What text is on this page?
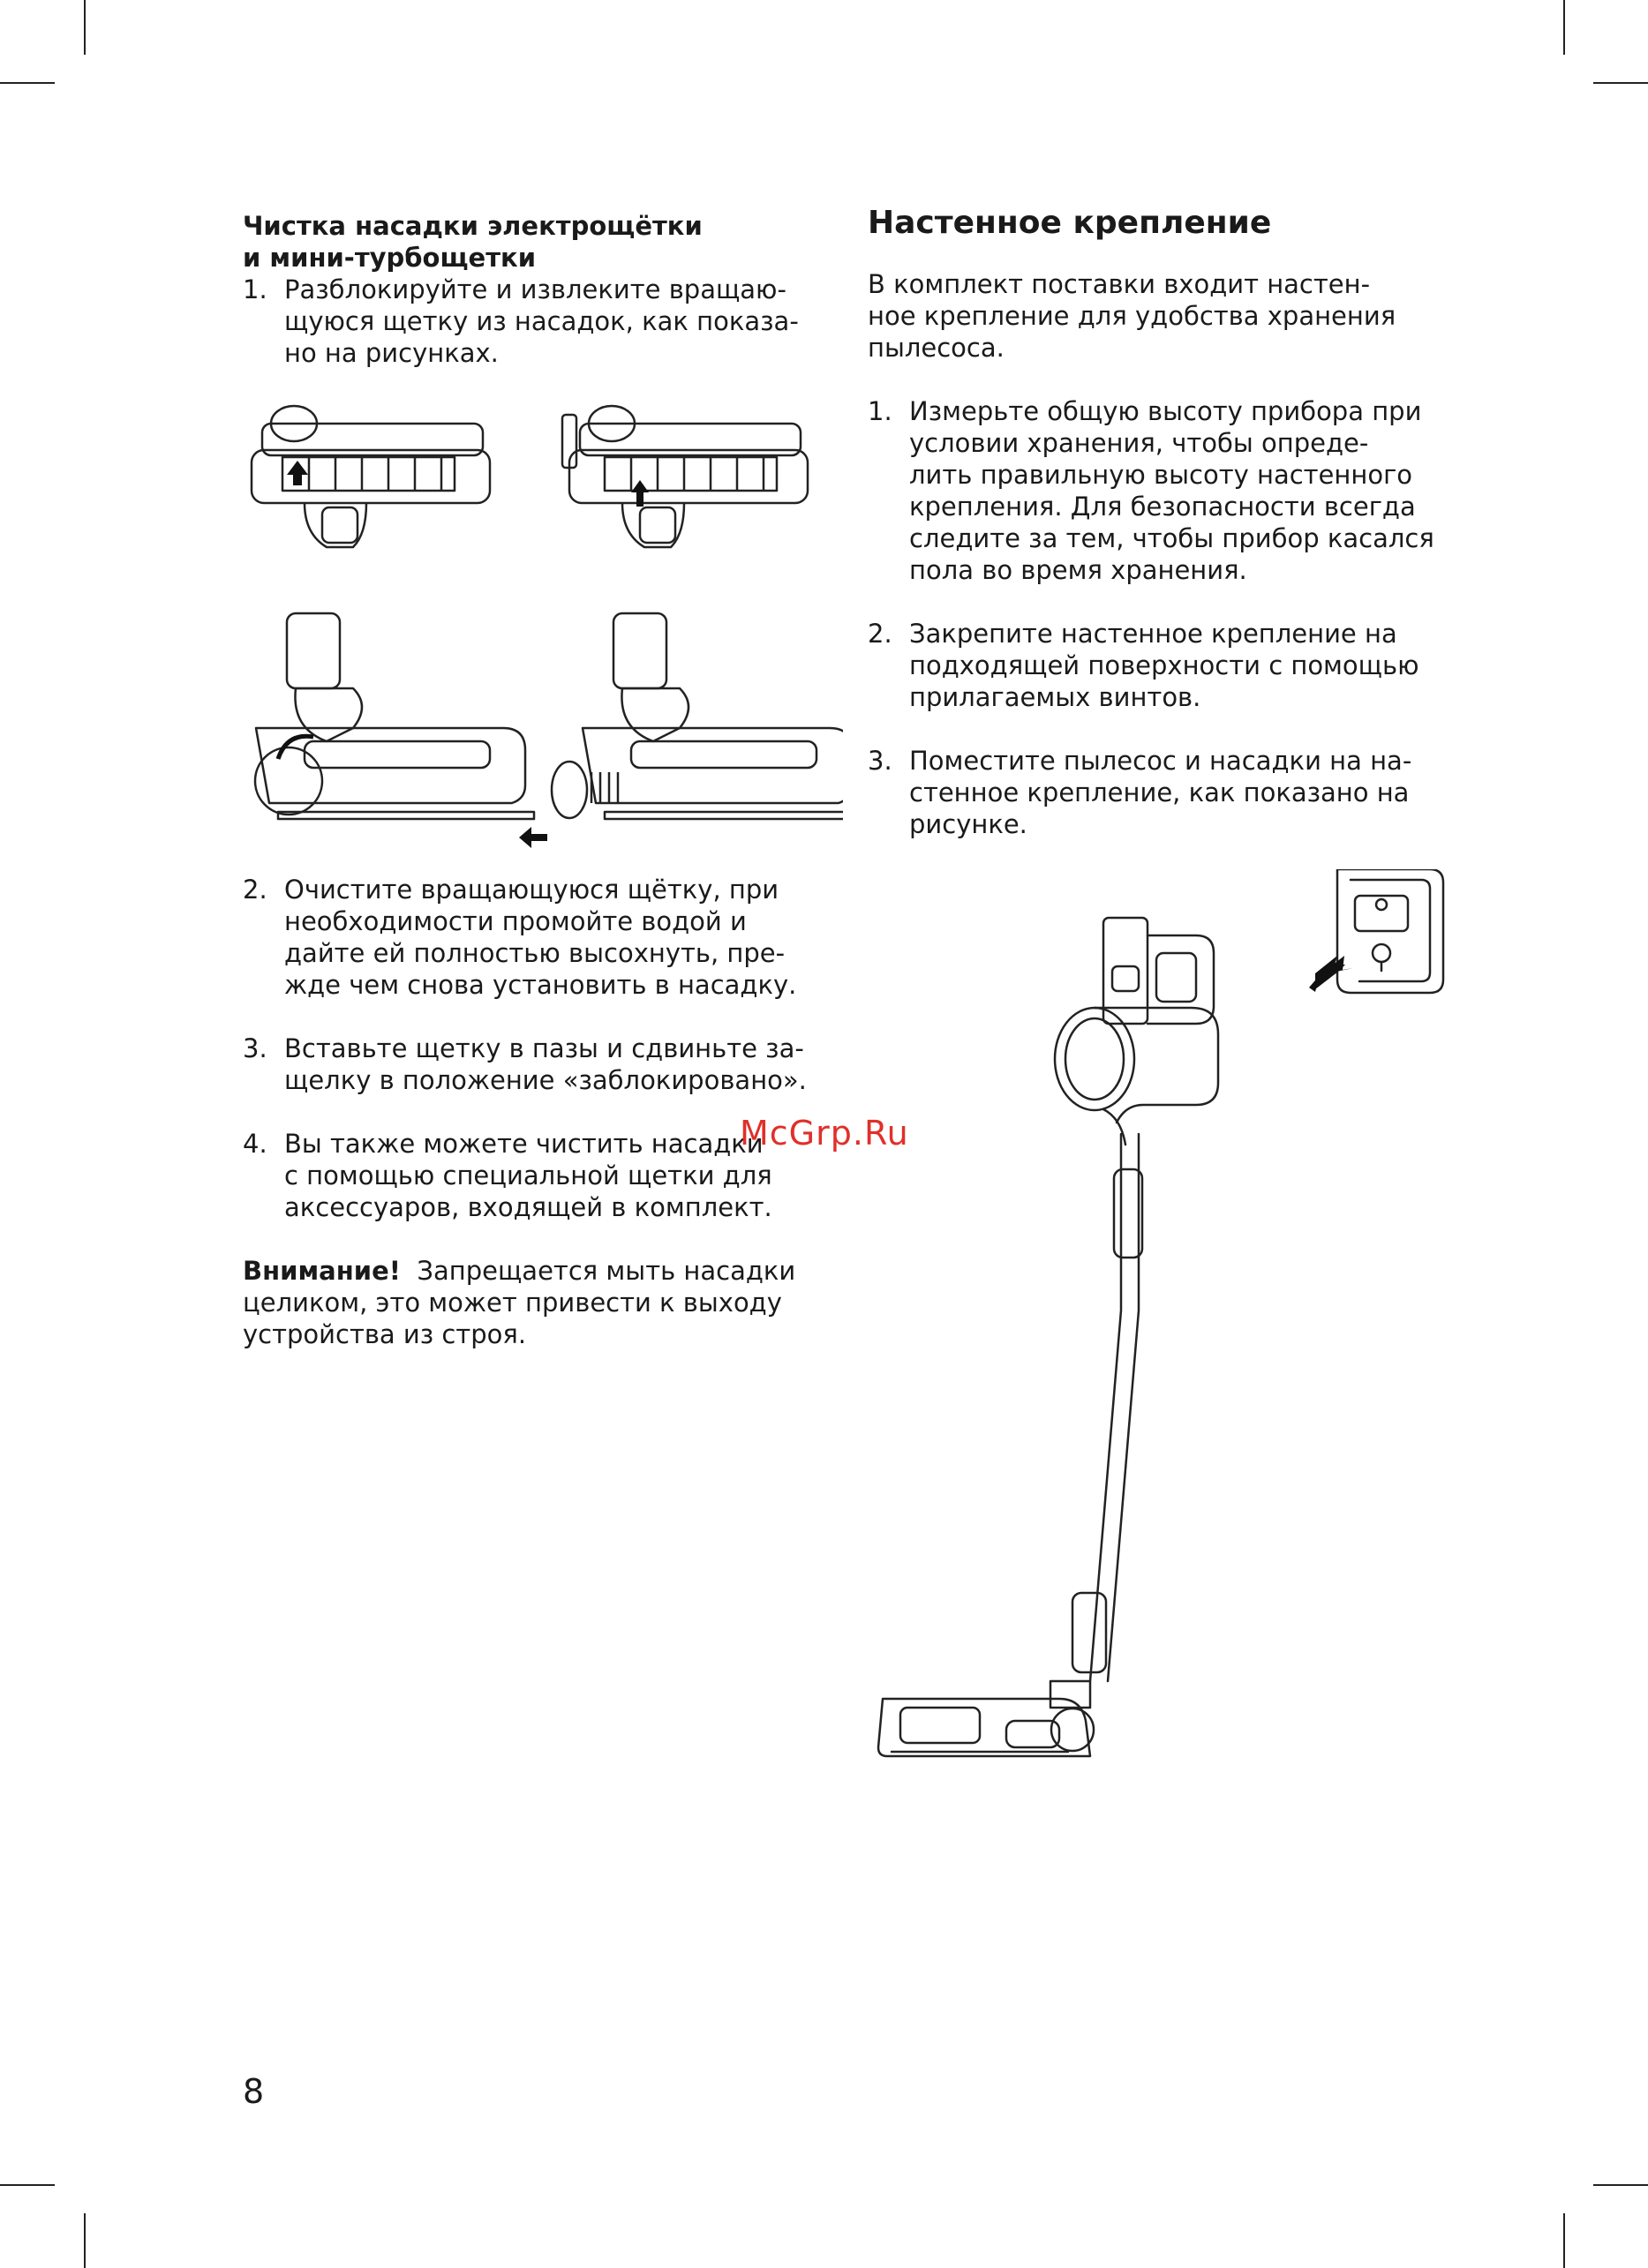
Чистка насадки электрощётки
и мини-турбощетки

1. Разблокируйте и извлеките вращаю-
щуюся щетку из насадок, как показа-
но на рисунках.
2. Очистите вращающуюся щётку, при
необходимости промойте водой и
дайте ей полностью высохнуть, пре-
жде чем снова установить в насадку.
3. Вставьте щетку в пазы и сдвиньте за-
щелку в положение «заблокировано».
4. Вы также можете чистить насадки
с помощью специальной щетки для
аксессуаров, входящей в комплект.

Внимание! Запрещается мыть насадки
целиком, это может привести к выходу
устройства из строя.

Настенное крепление

В комплект поставки входит настен-
ное крепление для удобства хранения
пылесоса.

1. Измерьте общую высоту прибора при
условии хранения, чтобы опреде-
лить правильную высоту настенного
крепления. Для безопасности всегда
следите за тем, чтобы прибор касался
пола во время хранения.
2. Закрепите настенное крепление на
подходящей поверхности с помощью
прилагаемых винтов.
3. Поместите пылесос и насадки на на-
стенное крепление, как показано на
рисунке.
McGrp.Ru
8
